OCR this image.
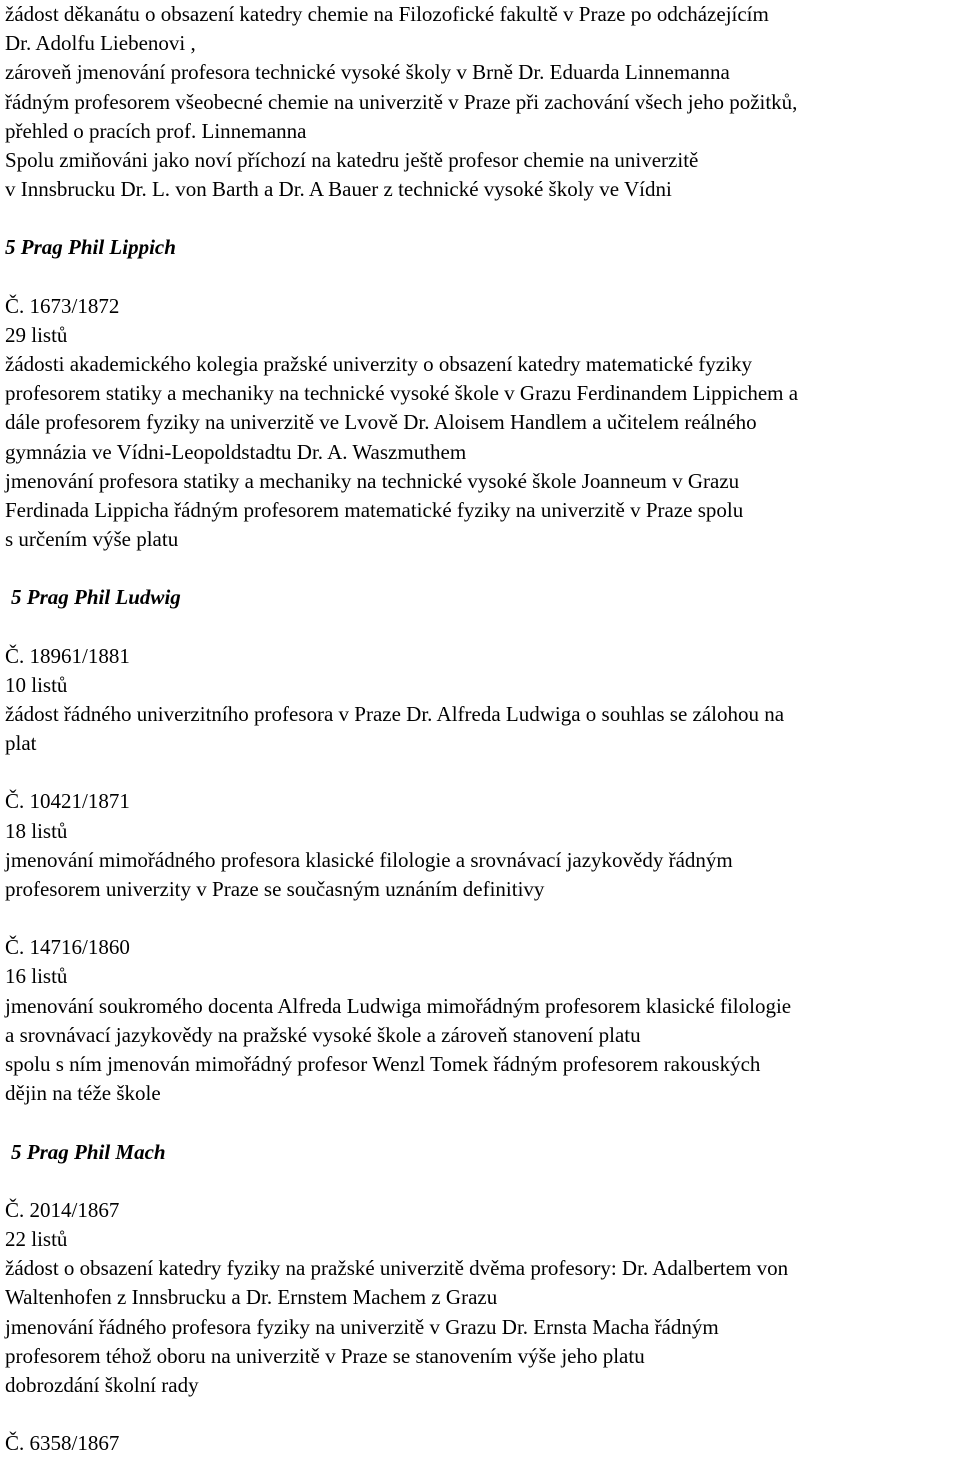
žádost děkanátu o obsazení katedry chemie na Filozofické fakultě v Praze po odcházejícím
Dr. Adolfu Liebenovi ,
zároveň jmenování profesora technické vysoké školy v Brně Dr. Eduarda Linnemanna
řádným profesorem všeobecné chemie na univerzitě v Praze při zachování všech jeho požitků,
přehled o pracích prof. Linnemanna
Spolu zmiňováni jako noví příchozí na katedru ještě profesor chemie na univerzitě
v Innsbrucku Dr. L. von Barth a Dr. A Bauer z technické vysoké školy ve Vídni
5 Prag Phil Lippich
Č. 1673/1872
29 listů
žádosti akademického kolegia pražské univerzity o obsazení katedry matematické fyziky
profesorem statiky a mechaniky na technické vysoké škole v Grazu Ferdinandem Lippichem a
dále profesorem fyziky na univerzitě ve Lvově Dr. Aloisem Handlem a učitelem reálného
gymnázia ve Vídni-Leopoldstadtu Dr. A. Waszmuthem
jmenování profesora statiky a mechaniky na technické vysoké škole Joanneum v Grazu
Ferdinada Lippicha řádným profesorem matematické fyziky na univerzitě v Praze spolu
s určením výše platu
5 Prag Phil Ludwig
Č. 18961/1881
10 listů
žádost řádného univerzitního profesora v Praze Dr. Alfreda Ludwiga o souhlas se zálohou na
plat
Č. 10421/1871
18 listů
jmenování mimořádného profesora klasické filologie a srovnávací jazykovědy řádným
profesorem univerzity v Praze se současným uznáním definitivy
Č. 14716/1860
16 listů
jmenování soukromého docenta Alfreda Ludwiga mimořádným profesorem klasické filologie
a srovnávací jazykovědy na pražské vysoké škole a zároveň stanovení platu
spolu s ním jmenován mimořádný profesor Wenzl Tomek řádným profesorem rakouských
dějin na téže škole
5 Prag Phil Mach
Č. 2014/1867
22 listů
žádost o obsazení katedry fyziky na pražské univerzitě dvěma profesory: Dr. Adalbertem von
Waltenhofen z Innsbrucku a Dr. Ernstem Machem z Grazu
jmenování řádného profesora fyziky na univerzitě v Grazu Dr. Ernsta Macha řádným
profesorem téhož oboru na univerzitě v Praze se stanovením výše jeho platu
dobrozdání školní rady
Č. 6358/1867
